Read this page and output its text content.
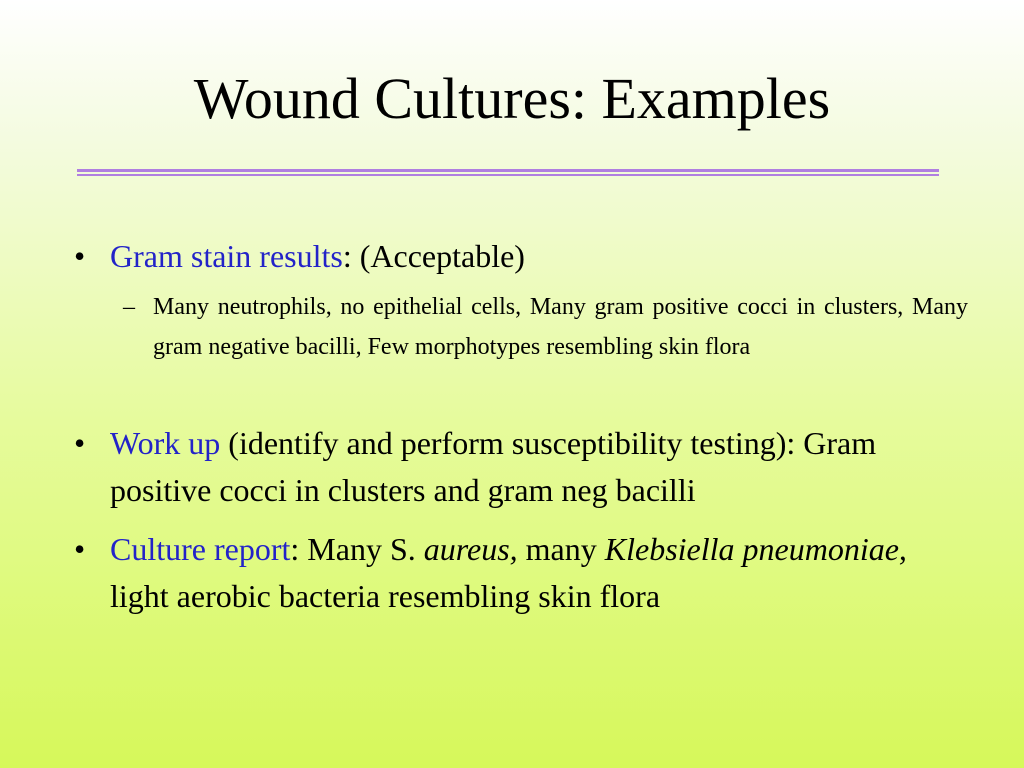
Wound Cultures: Examples
• Gram stain results: (Acceptable)
– Many neutrophils, no epithelial cells, Many gram positive cocci in clusters, Many gram negative bacilli, Few morphotypes resembling skin flora
• Work up (identify and perform susceptibility testing): Gram positive cocci in clusters and gram neg bacilli
• Culture report: Many S. aureus, many Klebsiella pneumoniae, light aerobic bacteria resembling skin flora
